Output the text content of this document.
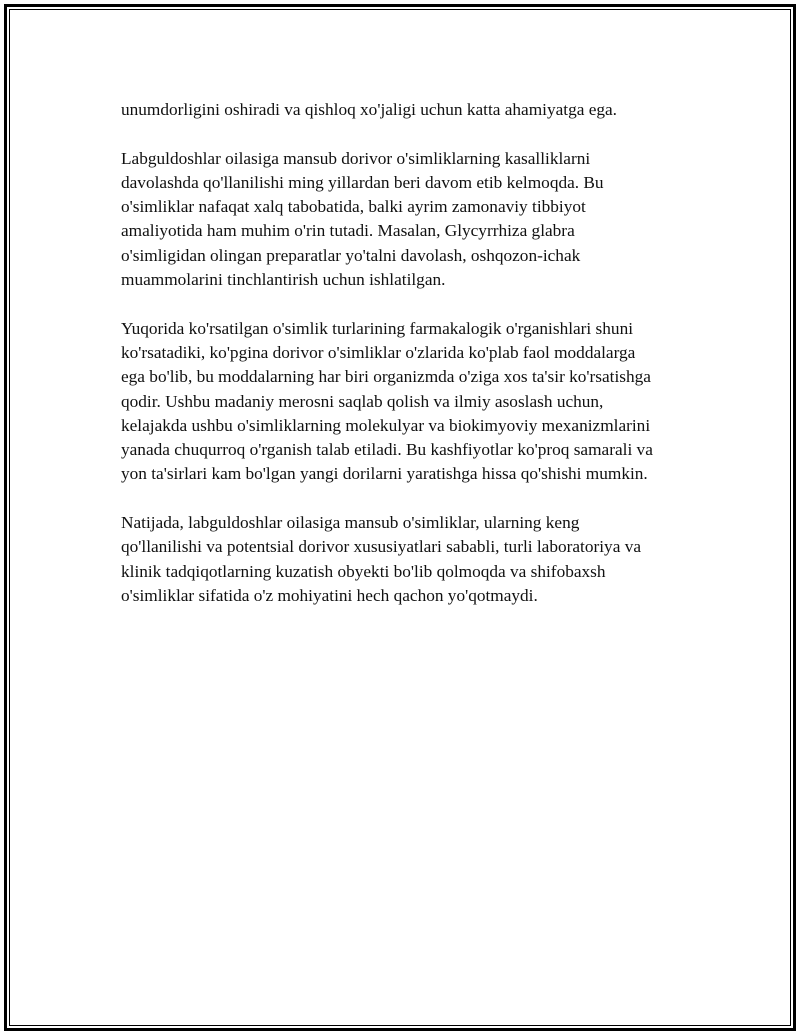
unumdorligini oshiradi va qishloq xo'jaligi uchun katta ahamiyatga ega.

Labguldoshlar oilasiga mansub dorivor o'simliklarning kasalliklarni
davolashda qo'llanilishi ming yillardan beri davom etib kelmoqda. Bu
o'simliklar nafaqat xalq tabobatida, balki ayrim zamonaviy tibbiyot
amaliyotida ham muhim o'rin tutadi. Masalan, Glycyrrhiza glabra
o'simligidan olingan preparatlar yo'talni davolash, oshqozon-ichak
muammolarini tinchlantirish uchun ishlatilgan.

Yuqorida ko'rsatilgan o'simlik turlarining farmakalogik o'rganishlari shuni
ko'rsatadiki, ko'pgina dorivor o'simliklar o'zlarida ko'plab faol moddalarga
ega bo'lib, bu moddalarning har biri organizmda o'ziga xos ta'sir ko'rsatishga
qodir. Ushbu madaniy merosni saqlab qolish va ilmiy asoslash uchun,
kelajakda ushbu o'simliklarning molekulyar va biokimyoviy mexanizmlarini
yanada chuqurroq o'rganish talab etiladi. Bu kashfiyotlar ko'proq samarali va
yon ta'sirlari kam bo'lgan yangi dorilarni yaratishga hissa qo'shishi mumkin.

Natijada, labguldoshlar oilasiga mansub o'simliklar, ularning keng
qo'llanilishi va potentsial dorivor xususiyatlari sababli, turli laboratoriya va
klinik tadqiqotlarning kuzatish obyekti bo'lib qolmoqda va shifobaxsh
o'simliklar sifatida o'z mohiyatini hech qachon yo'qotmaydi.
